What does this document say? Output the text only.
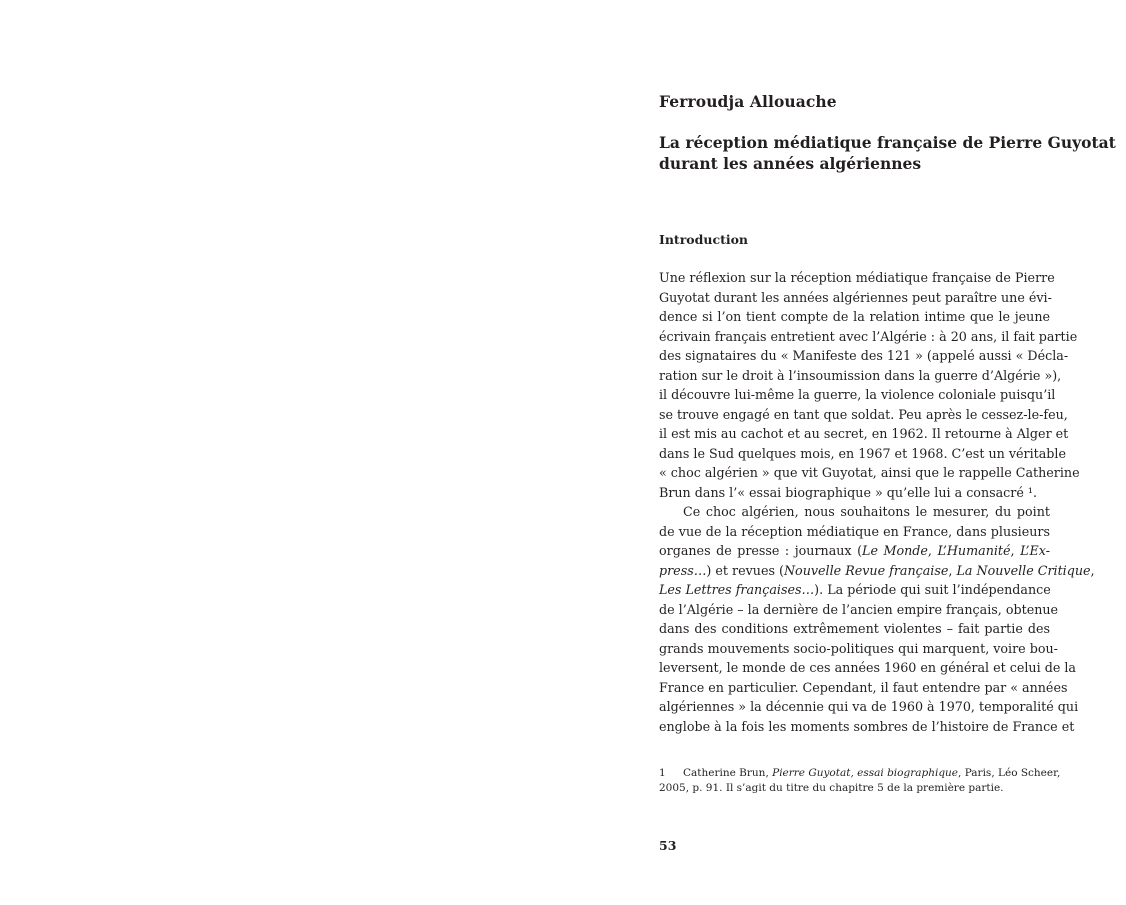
Ferroudja Allouache
La réception médiatique française de Pierre Guyotat
durant les années algériennes
Introduction
Une réflexion sur la réception médiatique française de Pierre
Guyotat durant les années algériennes peut paraître une évi-
dence si l’on tient compte de la relation intime que le jeune
écrivain français entretient avec l’Algérie : à 20 ans, il fait partie
des signataires du « Manifeste des 121 » (appelé aussi « Décla-
ration sur le droit à l’insoumission dans la guerre d’Algérie »),
il découvre lui-même la guerre, la violence coloniale puisqu’il
se trouve engagé en tant que soldat. Peu après le cessez-le-feu,
il est mis au cachot et au secret, en 1962. Il retourne à Alger et
dans le Sud quelques mois, en 1967 et 1968. C’est un véritable
« choc algérien » que vit Guyotat, ainsi que le rappelle Catherine
Brun dans l’« essai biographique » qu’elle lui a consacré ¹.
Ce choc algérien, nous souhaitons le mesurer, du point
de vue de la réception médiatique en France, dans plusieurs
organes de presse : journaux (Le Monde, L’Humanité, L’Ex-
press…) et revues (Nouvelle Revue française, La Nouvelle Critique,
Les Lettres françaises…). La période qui suit l’indépendance
de l’Algérie – la dernière de l’ancien empire français, obtenue
dans des conditions extrêmement violentes – fait partie des
grands mouvements socio-politiques qui marquent, voire bou-
leversent, le monde de ces années 1960 en général et celui de la
France en particulier. Cependant, il faut entendre par « années
algériennes » la décennie qui va de 1960 à 1970, temporalité qui
englobe à la fois les moments sombres de l’histoire de France et
1 Catherine Brun, Pierre Guyotat, essai biographique, Paris, Léo Scheer,
2005, p. 91. Il s’agit du titre du chapitre 5 de la première partie.
53
